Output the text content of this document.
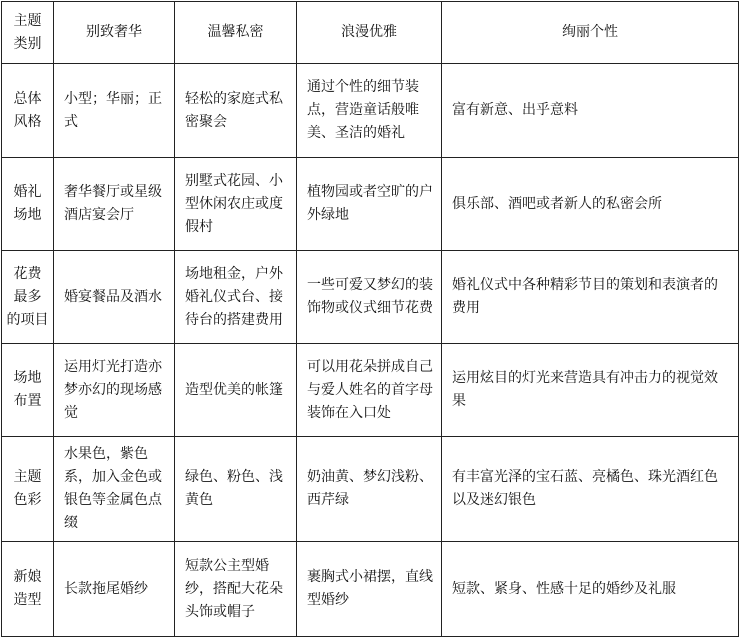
主题
类别	别致奢华	温馨私密	浪漫优雅	绚丽个性
总体
风格	小型；华丽；正式	轻松的家庭式私密聚会	通过个性的细节装点，营造童话般唯美、圣洁的婚礼	富有新意、出乎意料
婚礼
场地	奢华餐厅或星级酒店宴会厅	别墅式花园、小型休闲农庄或度假村	植物园或者空旷的户外绿地	俱乐部、酒吧或者新人的私密会所
花费
最多
的项目	婚宴餐品及酒水	场地租金，户外婚礼仪式台、接待台的搭建费用	一些可爱又梦幻的装饰物或仪式细节花费	婚礼仪式中各种精彩节目的策划和表演者的费用
场地
布置	运用灯光打造亦梦亦幻的现场感觉	造型优美的帐篷	可以用花朵拼成自己与爱人姓名的首字母装饰在入口处	运用炫目的灯光来营造具有冲击力的视觉效果
主题
色彩	水果色，紫色系，加入金色或银色等金属色点缀	绿色、粉色、浅黄色	奶油黄、梦幻浅粉、西芹绿	有丰富光泽的宝石蓝、亮橘色、珠光酒红色以及迷幻银色
新娘
造型	长款拖尾婚纱	短款公主型婚纱，搭配大花朵头饰或帽子	裹胸式小裙摆，直线型婚纱	短款、紧身、性感十足的婚纱及礼服
